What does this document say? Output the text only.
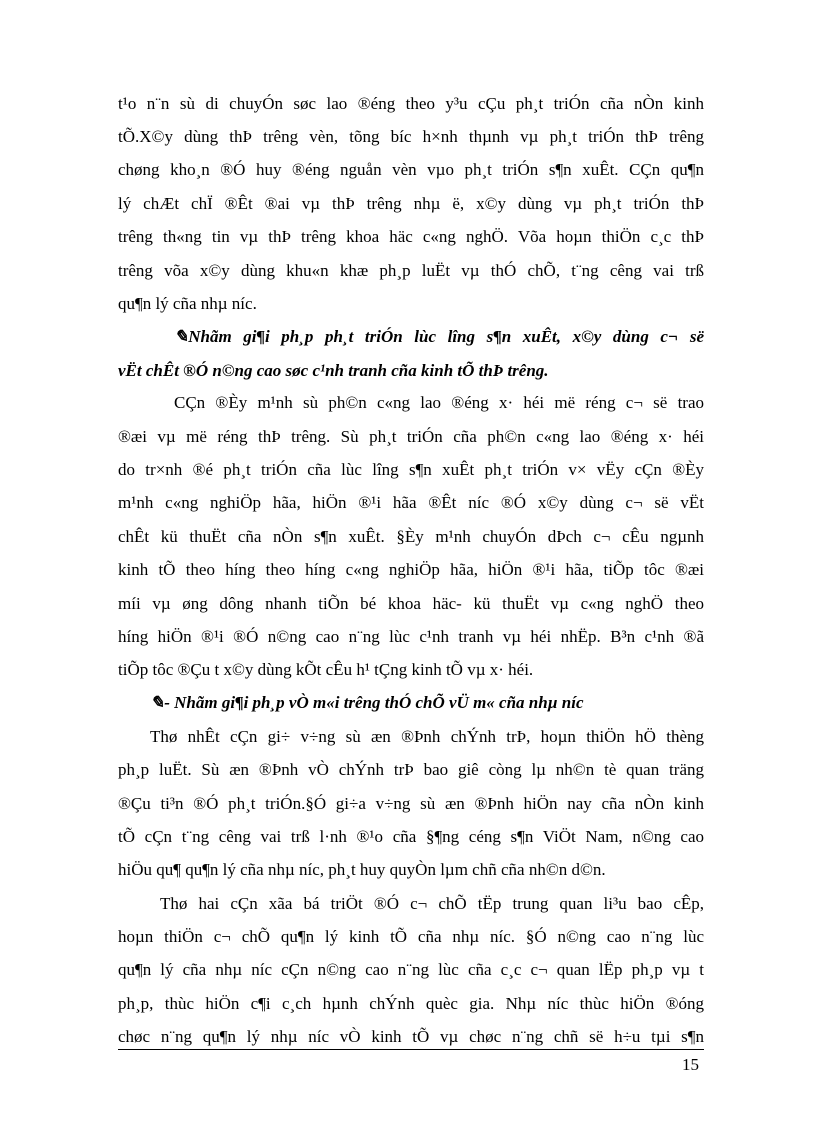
t¹o n¨n sù di chuyÓn søc lao ®éng theo y³u cÇu ph¸t triÓn cña nÒn kinh
tÕ.X©y dùng thÞ trêng vèn, tõng bíc h×nh thµnh vµ ph¸t triÓn thÞ trêng
chøng kho¸n ®Ó huy ®éng nguån vèn vµo ph¸t triÓn s¶n xuÊt. CÇn qu¶n
lý chÆt chÏ ®Êt ®ai vµ thÞ trêng nhµ ë, x©y dùng vµ ph¸t triÓn thÞ
trêng th«ng tin vµ thÞ trêng khoa häc c«ng nghÖ. Võa hoµn thiÖn c¸c thÞ
trêng võa x©y dùng khu«n khæ ph¸p luËt vµ thÓ chÕ, t¨ng cêng vai trß
qu¶n lý cña nhµ níc.
✎Nhãm gi¶i ph¸p ph¸t triÓn lùc lîng s¶n xuÊt, x©y dùng c¬ së
vËt chÊt ®Ó n©ng cao søc c¹nh tranh cña kinh tÕ thÞ trêng.
CÇn ®Èy m¹nh sù ph©n c«ng lao ®éng x· héi më réng c¬ së trao
®æi vµ më réng thÞ trêng. Sù ph¸t triÓn cña ph©n c«ng lao ®éng x· héi
do tr×nh ®é ph¸t triÓn cña lùc lîng s¶n xuÊt ph¸t triÓn v× vËy cÇn ®Èy
m¹nh c«ng nghiÖp hãa, hiÖn ®¹i hãa ®Êt níc ®Ó x©y dùng c¬ së vËt
chÊt kü thuËt cña nÒn s¶n xuÊt. §Èy m¹nh chuyÓn dÞch c¬ cÊu ngµnh
kinh tÕ theo híng theo híng c«ng nghiÖp hãa, hiÖn ®¹i hãa, tiÕp tôc ®æi
míi vµ øng dông nhanh tiÕn bé khoa häc- kü thuËt vµ c«ng nghÖ theo
híng hiÖn ®¹i ®Ó n©ng cao n¨ng lùc c¹nh tranh vµ héi nhËp. B³n c¹nh ®ã
tiÕp tôc ®Çu t x©y dùng kÕt cÊu h¹ tÇng kinh tÕ vµ x· héi.
✎- Nhãm gi¶i ph¸p vÒ m«i trêng thÓ chÕ vÜ m« cña nhµ níc
Thø nhÊt cÇn gi÷ v÷ng sù æn ®Þnh chÝnh trÞ, hoµn thiÖn hÖ thèng
ph¸p luËt. Sù æn ®Þnh vÒ chÝnh trÞ bao giê còng lµ nh©n tè quan träng
®Çu ti³n ®Ó ph¸t triÓn.§Ó gi÷a v÷ng sù æn ®Þnh hiÖn nay cña nÒn kinh
tÕ cÇn t¨ng cêng vai trß l·nh ®¹o cña §¶ng céng s¶n ViÖt Nam, n©ng cao
hiÖu qu¶ qu¶n lý cña nhµ níc, ph¸t huy quyÒn lµm chñ cña nh©n d©n.
Thø hai cÇn xãa bá triÖt ®Ó c¬ chÕ tËp trung quan li³u bao cÊp,
hoµn thiÖn c¬ chÕ qu¶n lý kinh tÕ cña nhµ níc. §Ó n©ng cao n¨ng lùc
qu¶n lý cña nhµ níc cÇn n©ng cao n¨ng lùc cña c¸c c¬ quan lËp ph¸p vµ t
ph¸p, thùc hiÖn c¶i c¸ch hµnh chÝnh quèc gia. Nhµ níc thùc hiÖn ®óng
chøc n¨ng qu¶n lý nhµ níc vÒ kinh tÕ vµ chøc n¨ng chñ së h÷u tµi s¶n
15
